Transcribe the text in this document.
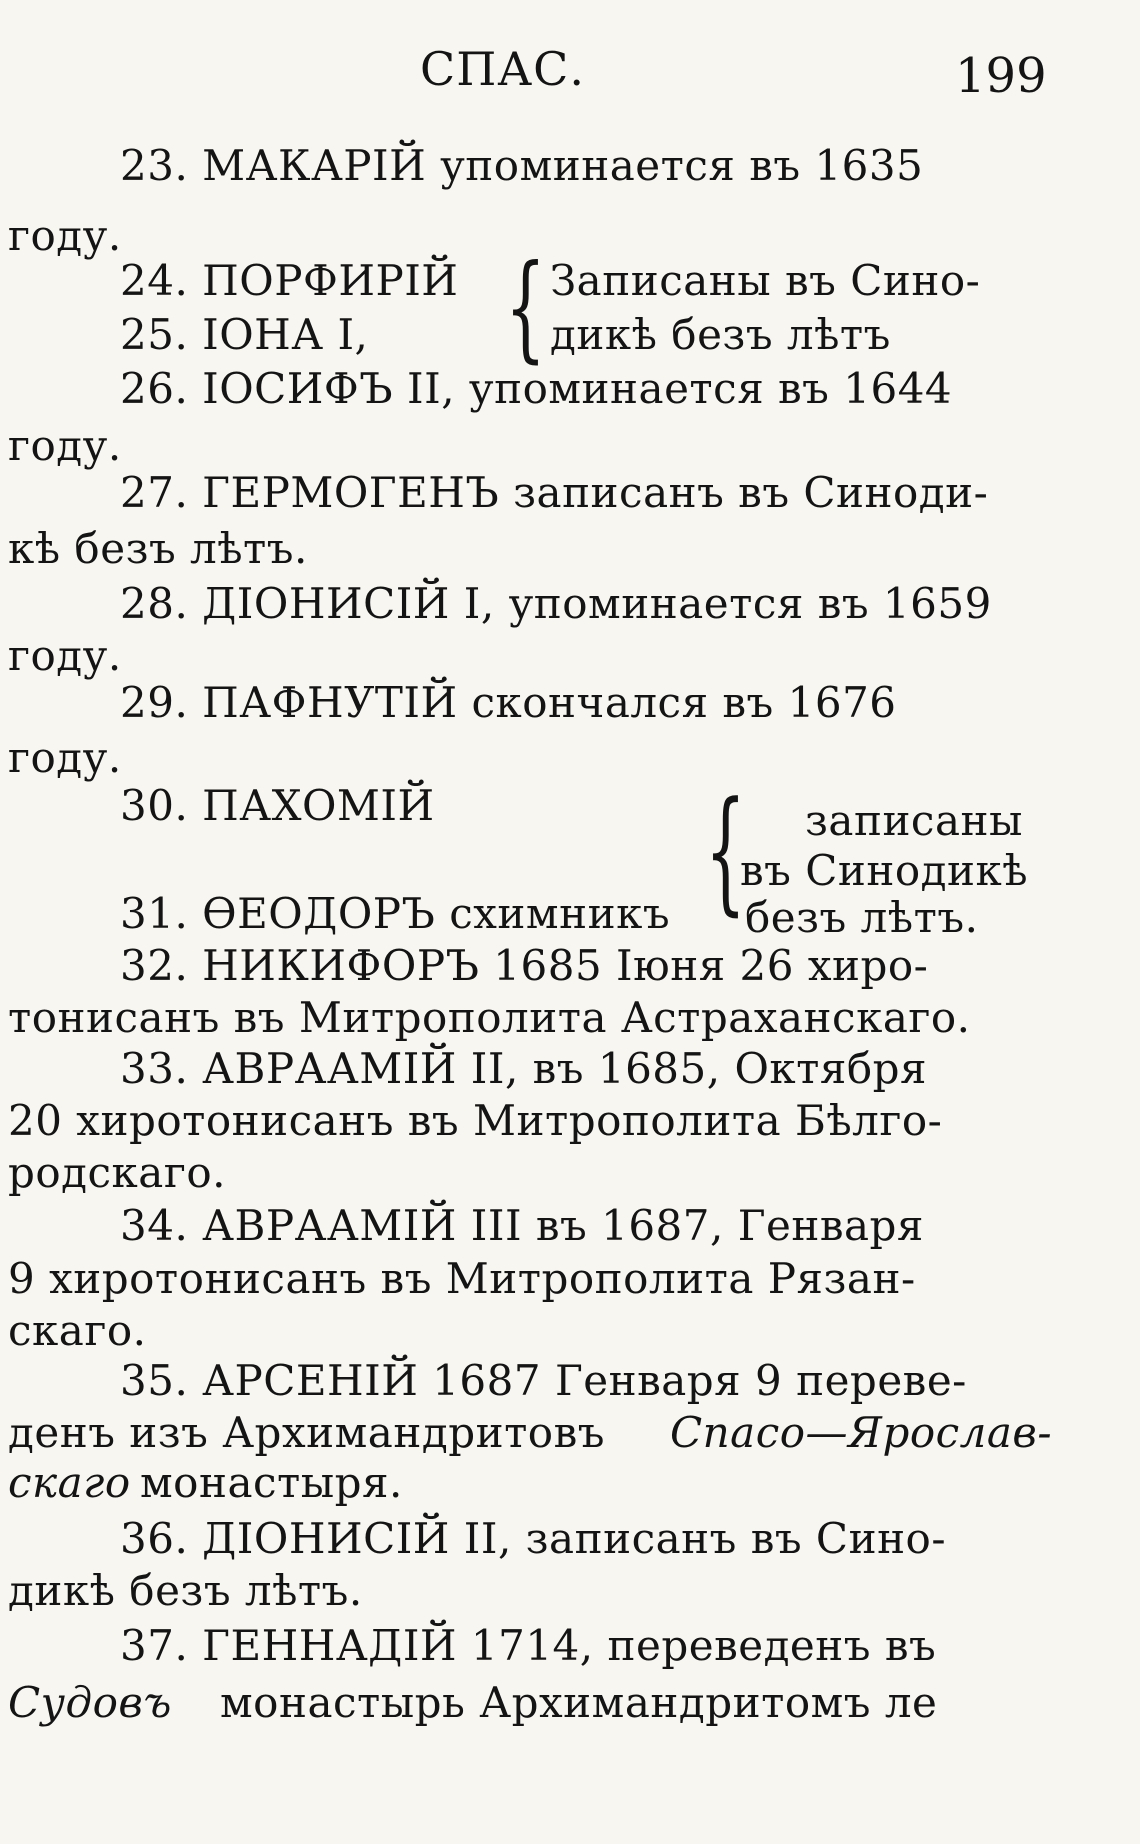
СПАС.	199
23. МАКАРІЙ упоминается въ 1635
году.
24. ПОРФИРІЙ Записаны въ Сино-
25. ІОНА І,	дикѣ безъ лѣтъ
26. ІОСИФЪ ІІ, упоминается въ 1644
году.
27. ГЕРМОГЕНЪ записанъ въ Синоди-
кѣ безъ лѣтъ.
28. ДІОНИСІЙ І, упоминается въ 1659
году.
29. ПАФНУТІЙ скончался въ 1676
году.
30. ПАХОМІЙ	записаны
въ Синодикѣ
31. ѲЕОДОРЪ схимникъ безъ лѣтъ.
32. НИКИФОРЪ 1685 Іюня 26 хиро-
тонисанъ въ Митрополита Астраханскаго.
33. АВРААМІЙ ІІ, въ 1685, Октября
20 хиротонисанъ въ Митрополита Бѣлго-
родскаго.
34. АВРААМІЙ ІІІ въ 1687, Генваря
9 хиротонисанъ въ Митрополита Рязан-
скаго.
35. АРСЕНІЙ 1687 Генваря 9 переве-
денъ изъ Архимандритовъ Спасо—Ярослав-
скаго монастыря.
36. ДІОНИСІЙ ІІ, записанъ въ Сино-
дикѣ безъ лѣтъ.
37. ГЕННАДІЙ 1714, переведенъ въ
Судовъ монастырь Архимандритомъ ле
{
{
